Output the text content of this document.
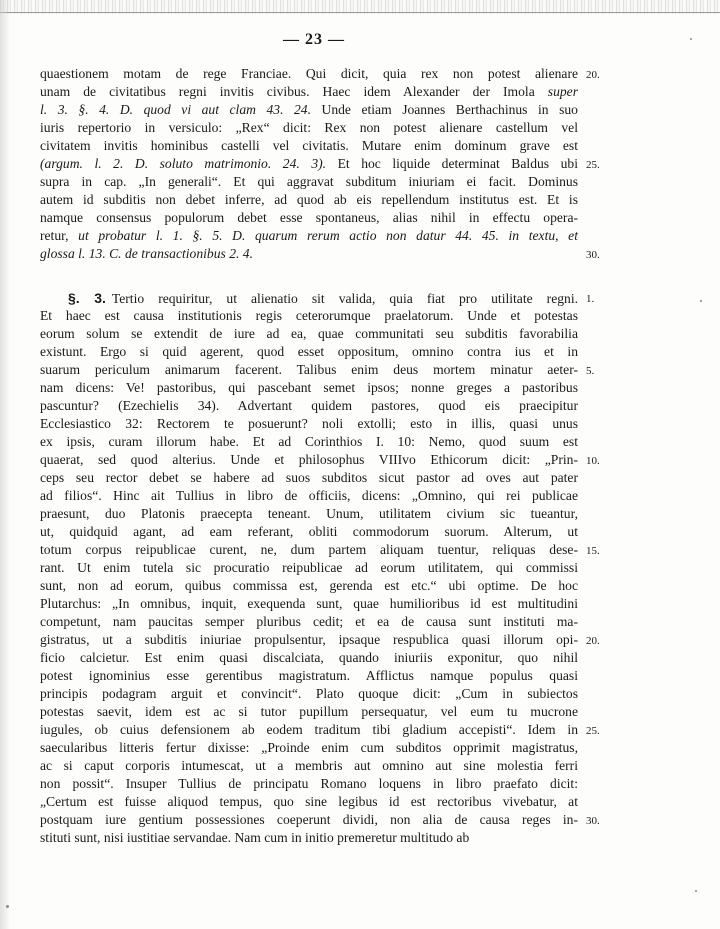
— 23 —
quaestionem motam de rege Franciae. Qui dicit, quia rex non potest alienare
unam de civitatibus regni invitis civibus. Haec idem Alexander der Imola super
l. 3. §. 4. D. quod vi aut clam 43. 24. Unde etiam Joannes Berthachinus in suo
iuris repertorio in versiculo: „Rex“ dicit: Rex non potest alienare castellum vel
civitatem invitis hominibus castelli vel civitatis. Mutare enim dominum grave est
(argum. l. 2. D. soluto matrimonio. 24. 3). Et hoc liquide determinat Baldus ubi
supra in cap. „In generali“. Et qui aggravat subditum iniuriam ei facit. Dominus
autem id subditis non debet inferre, ad quod ab eis repellendum institutus est. Et is
namque consensus populorum debet esse spontaneus, alias nihil in effectu opera-
retur, ut probatur l. 1. §. 5. D. quarum rerum actio non datur 44. 45. in textu, et
glossa l. 13. C. de transactionibus 2. 4.
20.
25.
30.
§. 3. Tertio requiritur, ut alienatio sit valida, quia fiat pro utilitate regni.
Et haec est causa institutionis regis ceterorumque praelatorum. Unde et potestas
eorum solum se extendit de iure ad ea, quae communitati seu subditis favorabilia
existunt. Ergo si quid agerent, quod esset oppositum, omnino contra ius et in
suarum periculum animarum facerent. Talibus enim deus mortem minatur aeter-
nam dicens: Ve! pastoribus, qui pascebant semet ipsos; nonne greges a pastoribus
pascuntur? (Ezechielis 34). Advertant quidem pastores, quod eis praecipitur
Ecclesiastico 32: Rectorem te posuerunt? noli extolli; esto in illis, quasi unus
ex ipsis, curam illorum habe. Et ad Corinthios I. 10: Nemo, quod suum est
quaerat, sed quod alterius. Unde et philosophus VIIIvo Ethicorum dicit: „Prin-
ceps seu rector debet se habere ad suos subditos sicut pastor ad oves aut pater
ad filios“. Hinc ait Tullius in libro de officiis, dicens: „Omnino, qui rei publicae
praesunt, duo Platonis praecepta teneant. Unum, utilitatem civium sic tueantur,
ut, quidquid agant, ad eam referant, obliti commodorum suorum. Alterum, ut
totum corpus reipublicae curent, ne, dum partem aliquam tuentur, reliquas dese-
rant. Ut enim tutela sic procuratio reipublicae ad eorum utilitatem, qui commissi
sunt, non ad eorum, quibus commissa est, gerenda est etc.“ ubi optime. De hoc
Plutarchus: „In omnibus, inquit, exequenda sunt, quae humilioribus id est multitudini
competunt, nam paucitas semper pluribus cedit; et ea de causa sunt instituti ma-
gistratus, ut a subditis iniuriae propulsentur, ipsaque respublica quasi illorum opi-
ficio calcietur. Est enim quasi discalciata, quando iniuriis exponitur, quo nihil
potest ignominius esse gerentibus magistratum. Afflictus namque populus quasi
principis podagram arguit et convincit“. Plato quoque dicit: „Cum in subiectos
potestas saevit, idem est ac si tutor pupillum persequatur, vel eum tu mucrone
iugules, ob cuius defensionem ab eodem traditum tibi gladium accepisti“. Idem in
saecularibus litteris fertur dixisse: „Proinde enim cum subditos opprimit magistratus,
ac si caput corporis intumescat, ut a membris aut omnino aut sine molestia ferri
non possit“. Insuper Tullius de principatu Romano loquens in libro praefato dicit:
„Certum est fuisse aliquod tempus, quo sine legibus id est rectoribus vivebatur, at
postquam iure gentium possessiones coeperunt dividi, non alia de causa reges in-
stituti sunt, nisi iustitiae servandae. Nam cum in initio premeretur multitudo ab
1.
5.
10.
15.
20.
25.
30.
